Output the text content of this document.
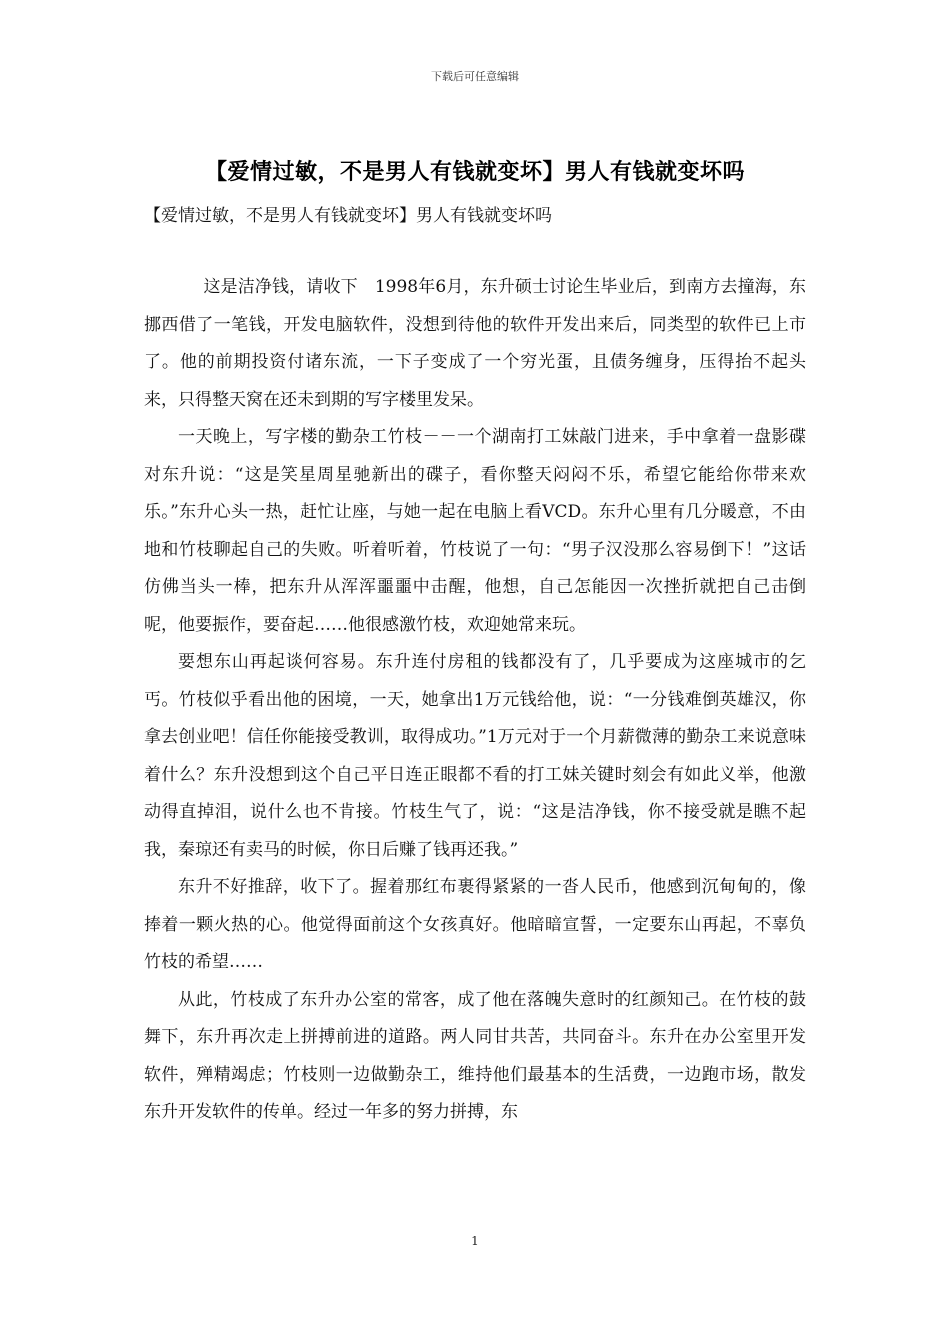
下载后可任意编辑
【爱情过敏，不是男人有钱就变坏】男人有钱就变坏吗
【爱情过敏，不是男人有钱就变坏】男人有钱就变坏吗

这是洁净钱，请收下　1998年6月，东升硕士讨论生毕业后，到南方去撞海，东挪西借了一笔钱，开发电脑软件，没想到待他的软件开发出来后，同类型的软件已上市了。他的前期投资付诸东流，一下子变成了一个穷光蛋，且债务缠身，压得抬不起头来，只得整天窝在还未到期的写字楼里发呆。

一天晚上，写字楼的勤杂工竹枝－－一个湖南打工妹敲门进来，手中拿着一盘影碟对东升说：“这是笑星周星驰新出的碟子，看你整天闷闷不乐，希望它能给你带来欢乐。”东升心头一热，赶忙让座，与她一起在电脑上看VCD。东升心里有几分暖意，不由地和竹枝聊起自己的失败。听着听着，竹枝说了一句：“男子汉没那么容易倒下！”这话仿佛当头一棒，把东升从浑浑噩噩中击醒，他想，自己怎能因一次挫折就把自己击倒呢，他要振作，要奋起……他很感激竹枝，欢迎她常来玩。

要想东山再起谈何容易。东升连付房租的钱都没有了，几乎要成为这座城市的乞丐。竹枝似乎看出他的困境，一天，她拿出1万元钱给他，说：“一分钱难倒英雄汉，你拿去创业吧！信任你能接受教训，取得成功。”1万元对于一个月薪微薄的勤杂工来说意味着什么？东升没想到这个自己平日连正眼都不看的打工妹关键时刻会有如此义举，他激动得直掉泪，说什么也不肯接。竹枝生气了，说：“这是洁净钱，你不接受就是瞧不起我，秦琼还有卖马的时候，你日后赚了钱再还我。”

东升不好推辞，收下了。握着那红布裹得紧紧的一沓人民币，他感到沉甸甸的，像捧着一颗火热的心。他觉得面前这个女孩真好。他暗暗宣誓，一定要东山再起，不辜负竹枝的希望……

从此，竹枝成了东升办公室的常客，成了他在落魄失意时的红颜知己。在竹枝的鼓舞下，东升再次走上拼搏前进的道路。两人同甘共苦，共同奋斗。东升在办公室里开发软件，殚精竭虑；竹枝则一边做勤杂工，维持他们最基本的生活费，一边跑市场，散发东升开发软件的传单。经过一年多的努力拼搏，东

1
